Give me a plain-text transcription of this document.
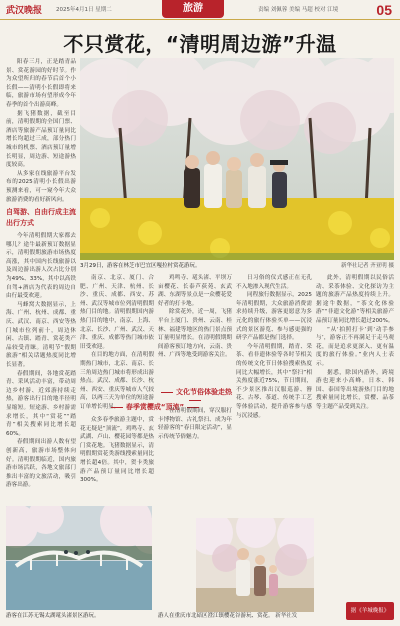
武汉晚报	2025年4月1日 星期二	旅游	责编 刘佩蓉 美编 马超 校对 江境	05
不只赏花，“清明周边游”升温

阳春三月，正是踏青品景、赏花游园的好时节。作为众望所归的春节后首个小长假——清明小长假即将来临，旅游市场有望形成今年春季的首个出游高峰。

据飞猪数据，截至目前，清明假期的全国门票、酒店等旅游产品预订量同比增长均超过三成，部分热门城市的机票、酒店预订量增长明显，周边游、短途游热度较高。

从多家在线旅游平台发布的2025清明小长假出游预测来看，可一窥今年大众旅游消费的看好新风向。

自驾游、自由行成主流出行方式

今年清明假期大家都去哪儿？途牛最新预订数据显示，清明假期旅游市场热度高涨，其中国内长线旅游以及周边游出游人次占比分别为49%、33%，其中以高铁自驾+酒店为代表的周边自由行最受欢迎。

马蜂窝大数据显示，上海、广州、杭州、成都、重庆、武汉、南京、西安等热门城市位列前十，周边休闲、古镇、踏青、赏花类产品较受青睐。清明节“假期旅游”相关话题热度同比增长显著。

春假期间，各地赏花踏青、采风活动丰富，带动周边乡村游、近郊游持续走热，游客出行目的地半径明显缩短。短途游、乡村游需求增长，其中“赏花”“踏青”相关搜索同比增长超60%。

春假期间出游人数有望创新高，旅游市场整体向好。清明假期临近，国内旅游市场活跃，各地文旅部门推出丰富的文旅活动，吸引游客出游。

3月29日，游客在林芝市巴宜区嘎拉村赏花游玩。	新华社记者 齐亚明 摄

南京、北京、厦门、合肥、广州、天津、杭州、长沙、重庆、成都、西安、苏州、武汉等城市位列清明假期热门目的地。清明假期国内游热门目的地中，南京、上海、北京、长沙、广州、武汉、天津、重庆、成都等热门城市依旧受欢迎。

在目的地方面，在清明假期热门城市，北京、南京、长三角周边热门城市将形成出游热点。武汉、成都、长沙、杭州、西安、重庆等城市人气较高，以两三天为单位的短途游订单增长明显。 春季赏樱成“顶流”

众多春季旅游主题中，赏花无疑是“顶流”。鸡鸣寺、玄武湖、卢山、樱花园等都是热门赏花地。飞猪数据显示，清明假期赏花类游线搜索量同比增长超4倍。其中，贺卡类旅游产品预订量同比增长超300%。

鸡鸣寺、鼋头渚、平坝万亩樱花、长泰芦荻苑、玄武湖、东湖等景点是一众樱花爱好者的打卡地。

除赏花外，近一周，飞猪平台上厦门、贵州、云南、桂林、福建等地区的热门景点预订量明显增长。在清明假期期间游客预订地方向，云南、贵州、广西等地受到游客关注。

文化节俗体验走热

在清明假期间，穿汉服打卡博物馆、古礼祭扫、成为年轻游客的“春日限定活动”，显示传统节俗魅力。

日习俗的仪式感正在无孔不入地渗入现代生活。

同程旅行数据显示，2025年清明假期，大众旅游消费需求持续升级，游客更愿意为多元化的旅行体验买单——沉浸式的景区游览、参与感更强的研学产品都是热门选择。

今年清明假期，踏青、采茶、看非遗体验等各时节相关的传统文化节日体验搜索热度同比大幅增长，其中“祭扫”相关热度涨近75%，节日期间，不少景区推出汉服巡游、簪花、古琴、茶道、传统手工艺等体验活动，提升游客参与感与沉浸感。

此外，清明假期以民俗活动、采茶体验、文化探访为主题的旅游产品热度持续上升。据途牛数据，“茶文化体验游”“非遗文化游”等相关旅游产品预订量同比增长超过200%。

“从‘拍照打卡’到‘动手参与’，游客正不再满足于走马观花，而是追求更深入、更有温度的旅行体验。”业内人士表示。

据悉，除国内游外，跨境游也迎来小高峰。日本、韩国、泰国等出境游热门目的地搜索量同比增长，赏樱、品茶等主题产品受到关注。

游客在江苏无锡太湖鼋头渚景区游玩。	游人在重庆市北碚区澄江镇樱花谷游玩、赏花。 新华社发
据《羊城晚报》
